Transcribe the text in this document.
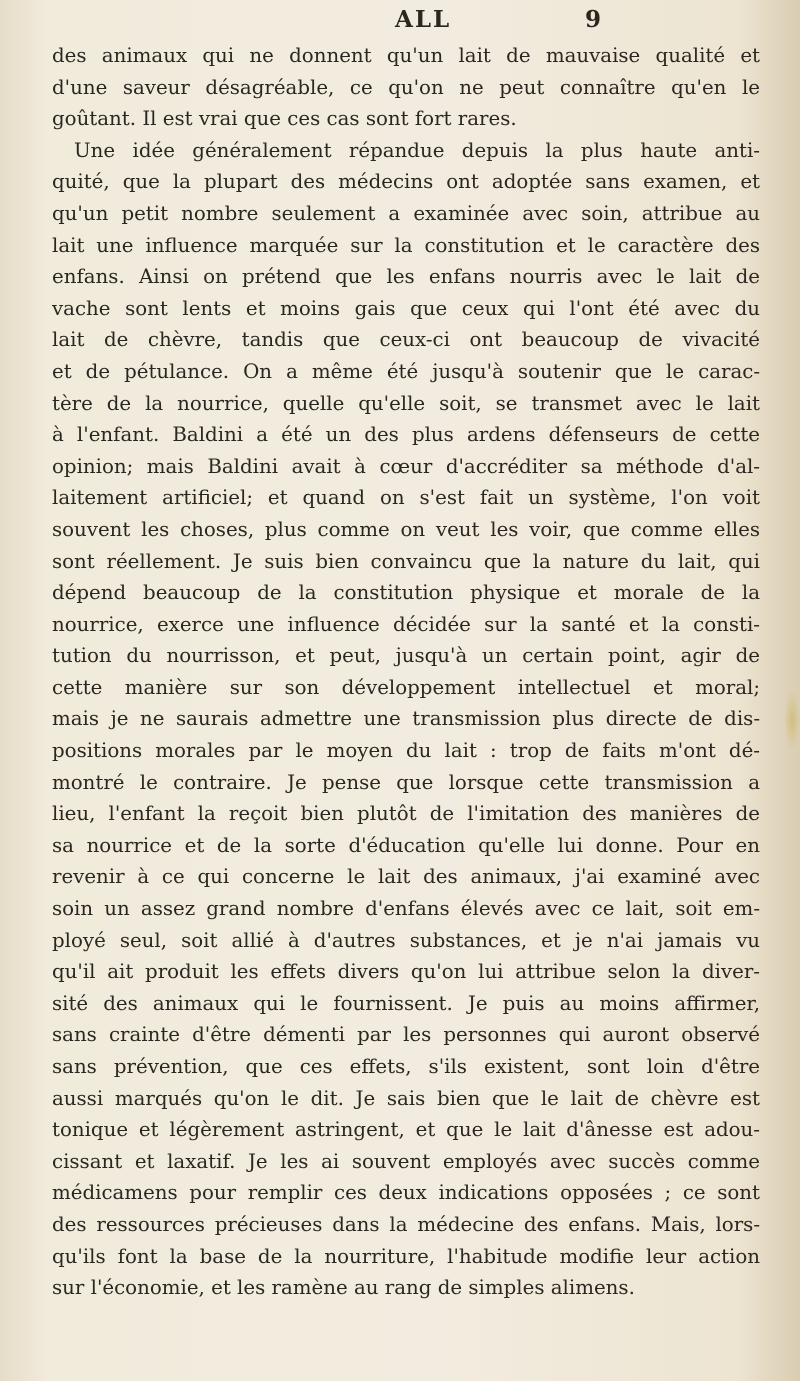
ALL	9
des animaux qui ne donnent qu'un lait de mauvaise qualité et
d'une saveur désagréable, ce qu'on ne peut connaître qu'en le
goûtant. Il est vrai que ces cas sont fort rares.
Une idée généralement répandue depuis la plus haute anti-
quité, que la plupart des médecins ont adoptée sans examen, et
qu'un petit nombre seulement a examinée avec soin, attribue au
lait une influence marquée sur la constitution et le caractère des
enfans. Ainsi on prétend que les enfans nourris avec le lait de
vache sont lents et moins gais que ceux qui l'ont été avec du
lait de chèvre, tandis que ceux-ci ont beaucoup de vivacité
et de pétulance. On a même été jusqu'à soutenir que le carac-
tère de la nourrice, quelle qu'elle soit, se transmet avec le lait
à l'enfant. Baldini a été un des plus ardens défenseurs de cette
opinion; mais Baldini avait à cœur d'accréditer sa méthode d'al-
laitement artificiel; et quand on s'est fait un système, l'on voit
souvent les choses, plus comme on veut les voir, que comme elles
sont réellement. Je suis bien convaincu que la nature du lait, qui
dépend beaucoup de la constitution physique et morale de la
nourrice, exerce une influence décidée sur la santé et la consti-
tution du nourrisson, et peut, jusqu'à un certain point, agir de
cette manière sur son développement intellectuel et moral;
mais je ne saurais admettre une transmission plus directe de dis-
positions morales par le moyen du lait : trop de faits m'ont dé-
montré le contraire. Je pense que lorsque cette transmission a
lieu, l'enfant la reçoit bien plutôt de l'imitation des manières de
sa nourrice et de la sorte d'éducation qu'elle lui donne. Pour en
revenir à ce qui concerne le lait des animaux, j'ai examiné avec
soin un assez grand nombre d'enfans élevés avec ce lait, soit em-
ployé seul, soit allié à d'autres substances, et je n'ai jamais vu
qu'il ait produit les effets divers qu'on lui attribue selon la diver-
sité des animaux qui le fournissent. Je puis au moins affirmer,
sans crainte d'être démenti par les personnes qui auront observé
sans prévention, que ces effets, s'ils existent, sont loin d'être
aussi marqués qu'on le dit. Je sais bien que le lait de chèvre est
tonique et légèrement astringent, et que le lait d'ânesse est adou-
cissant et laxatif. Je les ai souvent employés avec succès comme
médicamens pour remplir ces deux indications opposées ; ce sont
des ressources précieuses dans la médecine des enfans. Mais, lors-
qu'ils font la base de la nourriture, l'habitude modifie leur action
sur l'économie, et les ramène au rang de simples alimens.
